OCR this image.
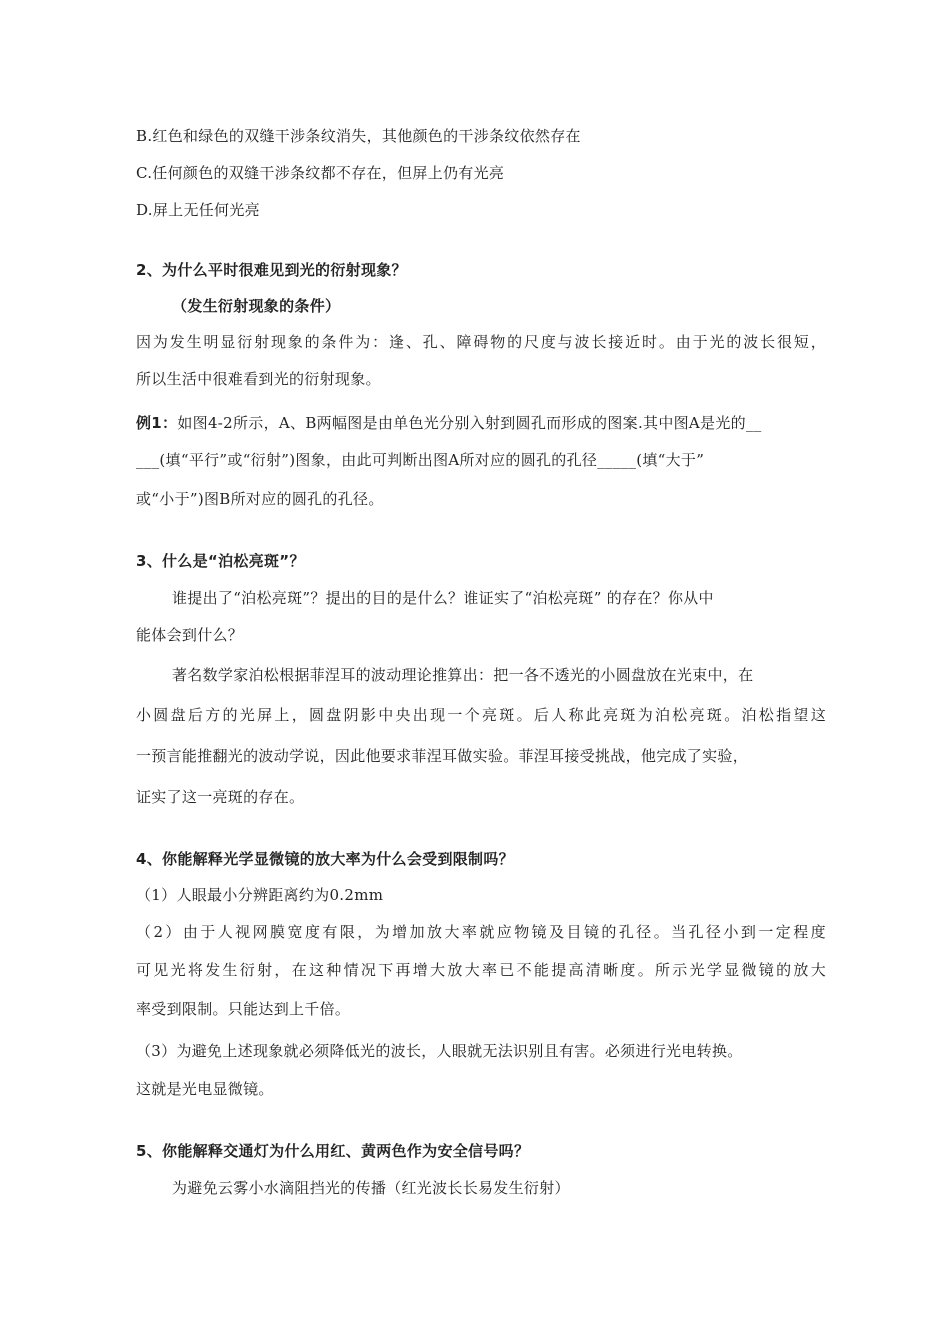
B.红色和绿色的双缝干涉条纹消失，其他颜色的干涉条纹依然存在
C.任何颜色的双缝干涉条纹都不存在，但屏上仍有光亮
D.屏上无任何光亮
2、为什么平时很难见到光的衍射现象？
（发生衍射现象的条件）
因为发生明显衍射现象的条件为：逢、孔、障碍物的尺度与波长接近时。由于光的波长很短，
所以生活中很难看到光的衍射现象。
例1：如图4-2所示，A、B两幅图是由单色光分别入射到圆孔而形成的图案.其中图A是光的__
___(填“平行”或“衍射”)图象，由此可判断出图A所对应的圆孔的孔径_____(填“大于”
或“小于”)图B所对应的圆孔的孔径。
3、什么是“泊松亮斑”？
谁提出了“泊松亮斑”？提出的目的是什么？谁证实了“泊松亮斑” 的存在？你从中
能体会到什么？
著名数学家泊松根据菲涅耳的波动理论推算出：把一各不透光的小圆盘放在光束中，在
小圆盘后方的光屏上，圆盘阴影中央出现一个亮斑。后人称此亮斑为泊松亮斑。泊松指望这
一预言能推翻光的波动学说，因此他要求菲涅耳做实验。菲涅耳接受挑战，他完成了实验，
证实了这一亮斑的存在。
4、你能解释光学显微镜的放大率为什么会受到限制吗？
（1）人眼最小分辨距离约为0.2mm
（2）由于人视网膜宽度有限，为增加放大率就应物镜及目镜的孔径。当孔径小到一定程度
可见光将发生衍射，在这种情况下再增大放大率已不能提高清晰度。所示光学显微镜的放大
率受到限制。只能达到上千倍。
（3）为避免上述现象就必须降低光的波长，人眼就无法识别且有害。必须进行光电转换。
这就是光电显微镜。
5、你能解释交通灯为什么用红、黄两色作为安全信号吗？
为避免云雾小水滴阻挡光的传播（红光波长长易发生衍射）
